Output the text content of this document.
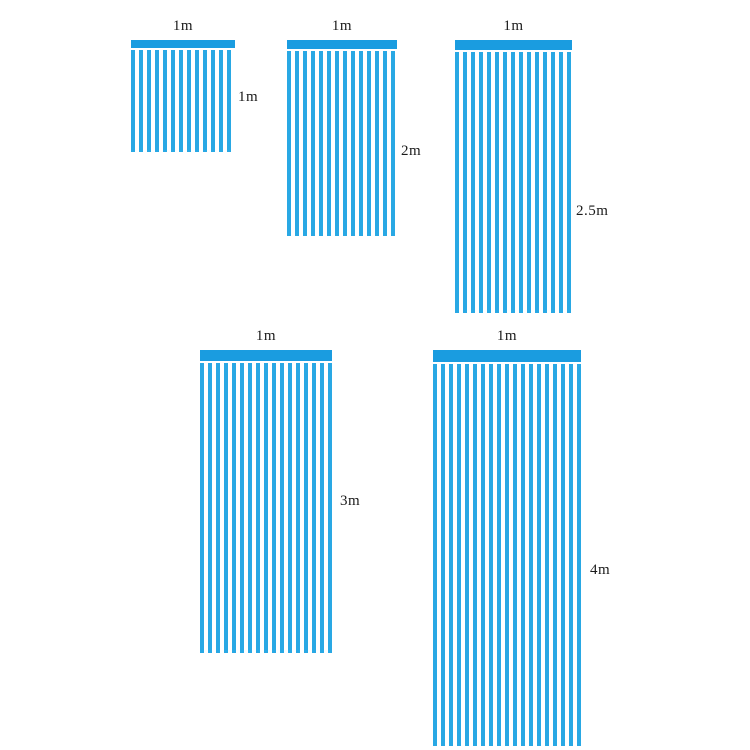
1m
1m
1m
2m
1m
2.5m
1m
3m
1m
4m
